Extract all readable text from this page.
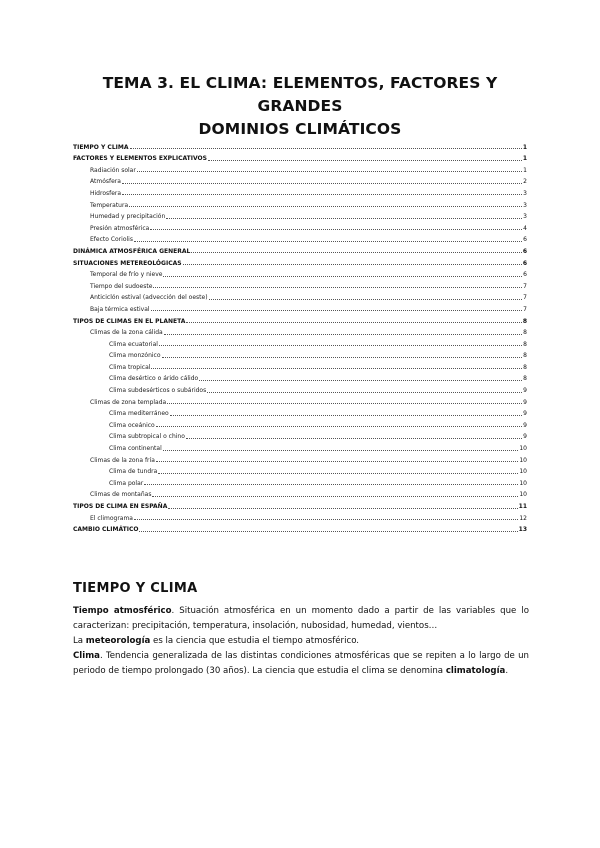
TEMA 3. EL CLIMA: ELEMENTOS, FACTORES Y GRANDES
DOMINIOS CLIMÁTICOS
TIEMPO Y CLIMA	1
FACTORES Y ELEMENTOS EXPLICATIVOS	1
Radiación solar	1
Atmósfera	2
Hidrosfera	3
Temperatura	3
Humedad y precipitación	3
Presión atmosférica	4
Efecto Coriolis	6
DINÁMICA ATMOSFÉRICA GENERAL	6
SITUACIONES METEREOLÓGICAS	6
Temporal de frío y nieve	6
Tiempo del sudoeste	7
Anticiclón estival (advección del oeste)	7
Baja térmica estival	7
TIPOS DE CLIMAS EN EL PLANETA	8
Climas de la zona cálida	8
Clima ecuatorial	8
Clima monzónico	8
Clima tropical	8
Clima desértico o árido cálido	8
Clima subdesérticos o subáridos	9
Climas de zona templada	9
Clima mediterráneo	9
Clima oceánico	9
Clima subtropical o chino	9
Clima continental	10
Climas de la zona fría	10
Clima de tundra	10
Clima polar	10
Climas de montañas	10
TIPOS DE CLIMA EN ESPAÑA	11
El climograma	12
CAMBIO CLIMÁTICO	13
TIEMPO Y CLIMA

Tiempo atmosférico. Situación atmosférica en un momento dado a partir de las variables que lo caracterizan: precipitación, temperatura, insolación, nubosidad, humedad, vientos…

La meteorología es la ciencia que estudia el tiempo atmosférico.

Clima. Tendencia generalizada de las distintas condiciones atmosféricas que se repiten a lo largo de un periodo de tiempo prolongado (30 años). La ciencia que estudia el clima se denomina climatología.
